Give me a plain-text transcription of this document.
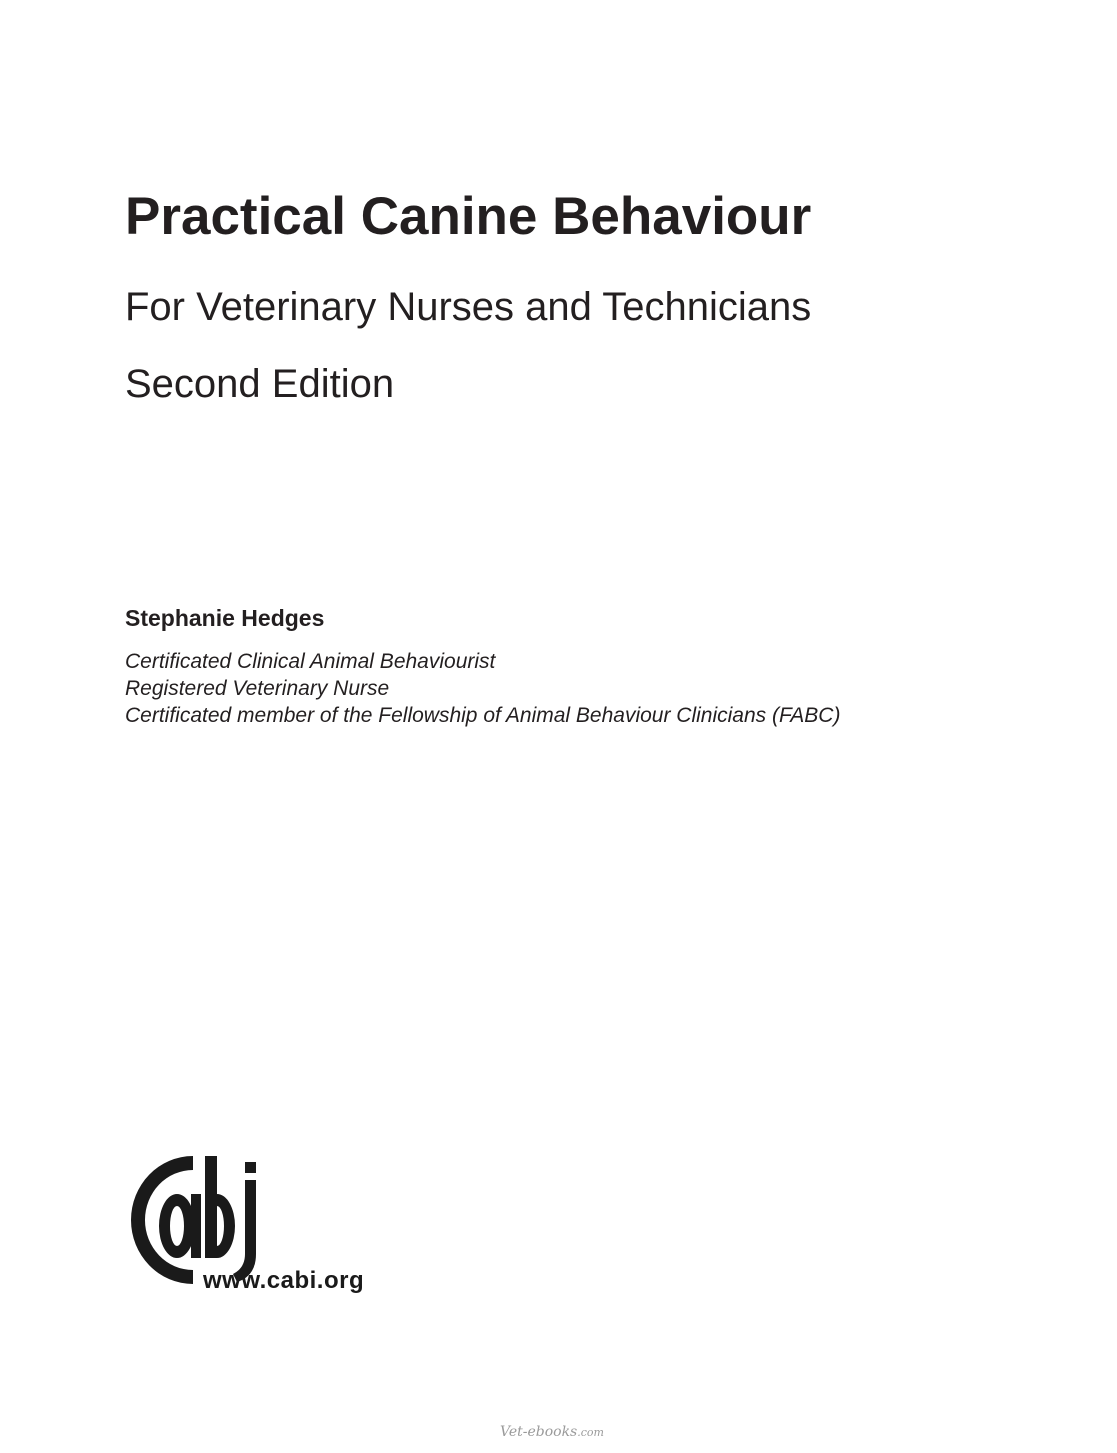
Practical Canine Behaviour
For Veterinary Nurses and Technicians
Second Edition
Stephanie Hedges
Certificated Clinical Animal Behaviourist
Registered Veterinary Nurse
Certificated member of the Fellowship of Animal Behaviour Clinicians (FABC)
www.cabi.org
Vet-ebooks.com
